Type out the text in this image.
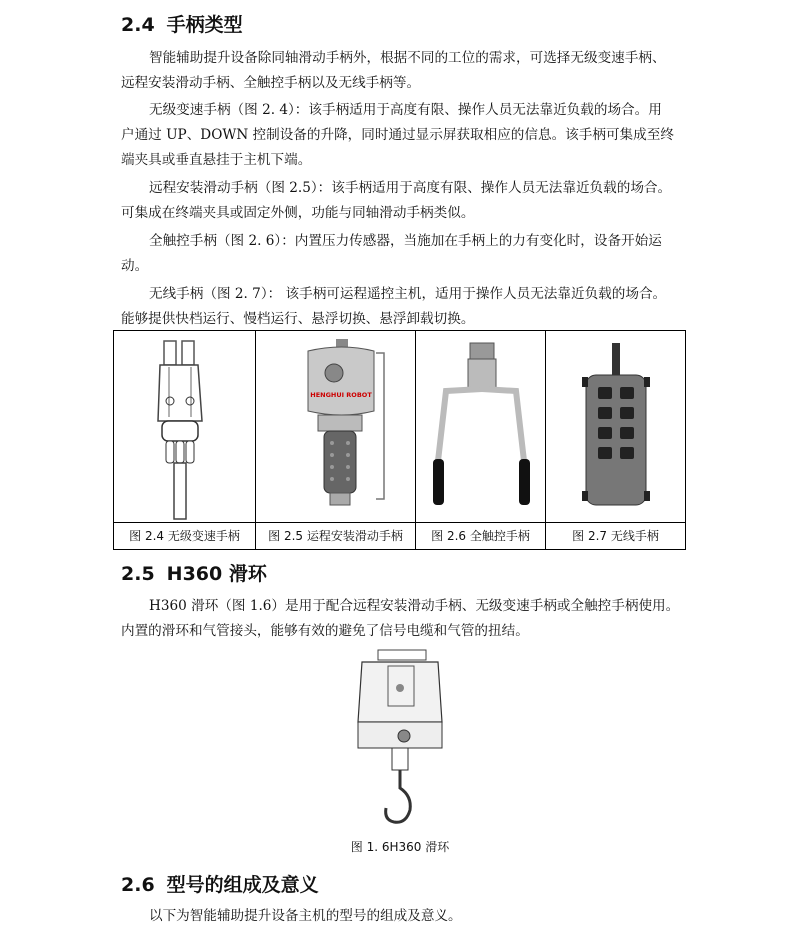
2.4 手柄类型
智能辅助提升设备除同轴滑动手柄外，根据不同的工位的需求，可选择无级变速手柄、
远程安装滑动手柄、全触控手柄以及无线手柄等。
无级变速手柄（图 2. 4）：该手柄适用于高度有限、操作人员无法靠近负载的场合。用
户通过 UP、DOWN 控制设备的升降，同时通过显示屏获取相应的信息。该手柄可集成至终
端夹具或垂直悬挂于主机下端。
远程安装滑动手柄（图 2.5）：该手柄适用于高度有限、操作人员无法靠近负载的场合。
可集成在终端夹具或固定外侧，功能与同轴滑动手柄类似。
全触控手柄（图 2. 6）：内置压力传感器，当施加在手柄上的力有变化时，设备开始运
动。
无线手柄（图 2. 7）： 该手柄可运程遥控主机，适用于操作人员无法靠近负载的场合。
能够提供快档运行、慢档运行、悬浮切换、悬浮卸载切换。
图 2.4 无级变速手柄
HENGHUI ROBOT
图 2.5 运程安装滑动手柄	图 2.6 全触控手柄	图 2.7 无线手柄
2.5 H360 滑环
H360 滑环（图 1.6）是用于配合远程安装滑动手柄、无级变速手柄或全触控手柄使用。
内置的滑环和气管接头，能够有效的避免了信号电缆和气管的扭结。
图 1. 6H360 滑环
2.6 型号的组成及意义
以下为智能辅助提升设备主机的型号的组成及意义。
